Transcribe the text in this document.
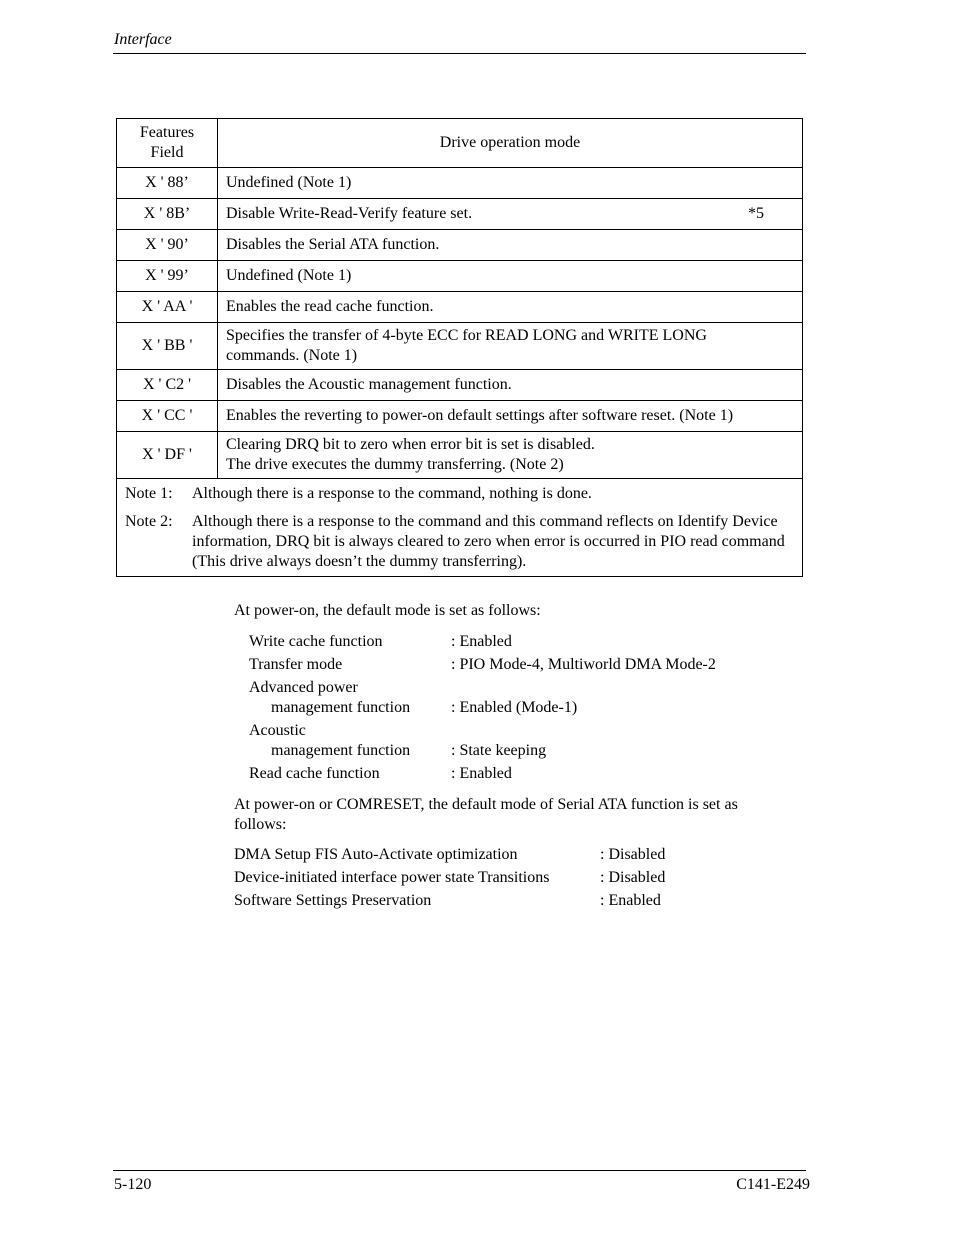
Interface
Features
Field	Drive operation mode
X ' 88’	Undefined (Note 1)
X ' 8B’	Disable Write-Read-Verify feature set. *5

X ' 90’	Disables the Serial ATA function.
X ' 99’	Undefined (Note 1)
X ' AA '	Enables the read cache function.
X ' BB '	Specifies the transfer of 4-byte ECC for READ LONG and WRITE LONG
commands. (Note 1)
X ' C2 '	Disables the Acoustic management function.
X ' CC '	Enables the reverting to power-on default settings after software reset. (Note 1)
X ' DF '	Clearing DRQ bit to zero when error bit is set is disabled.
The drive executes the dummy transferring. (Note 2)

Note 1: Although there is a response to the command, nothing is done.
Note 2: Although there is a response to the command and this command reflects on Identify Device information, DRQ bit is always cleared to zero when error is occurred in PIO read command (This drive always doesn’t the dummy transferring).	
At power-on, the default mode is set as follows:
Write cache function	: Enabled
Transfer mode	: PIO Mode-4, Multiworld DMA Mode-2
Advanced power
management function	: Enabled (Mode-1)
Acoustic
management function	: State keeping
Read cache function	: Enabled
At power-on or COMRESET, the default mode of Serial ATA function is set as follows:
DMA Setup FIS Auto-Activate optimization	: Disabled
Device-initiated interface power state Transitions	: Disabled
Software Settings Preservation	: Enabled
5-120	C141-E249
